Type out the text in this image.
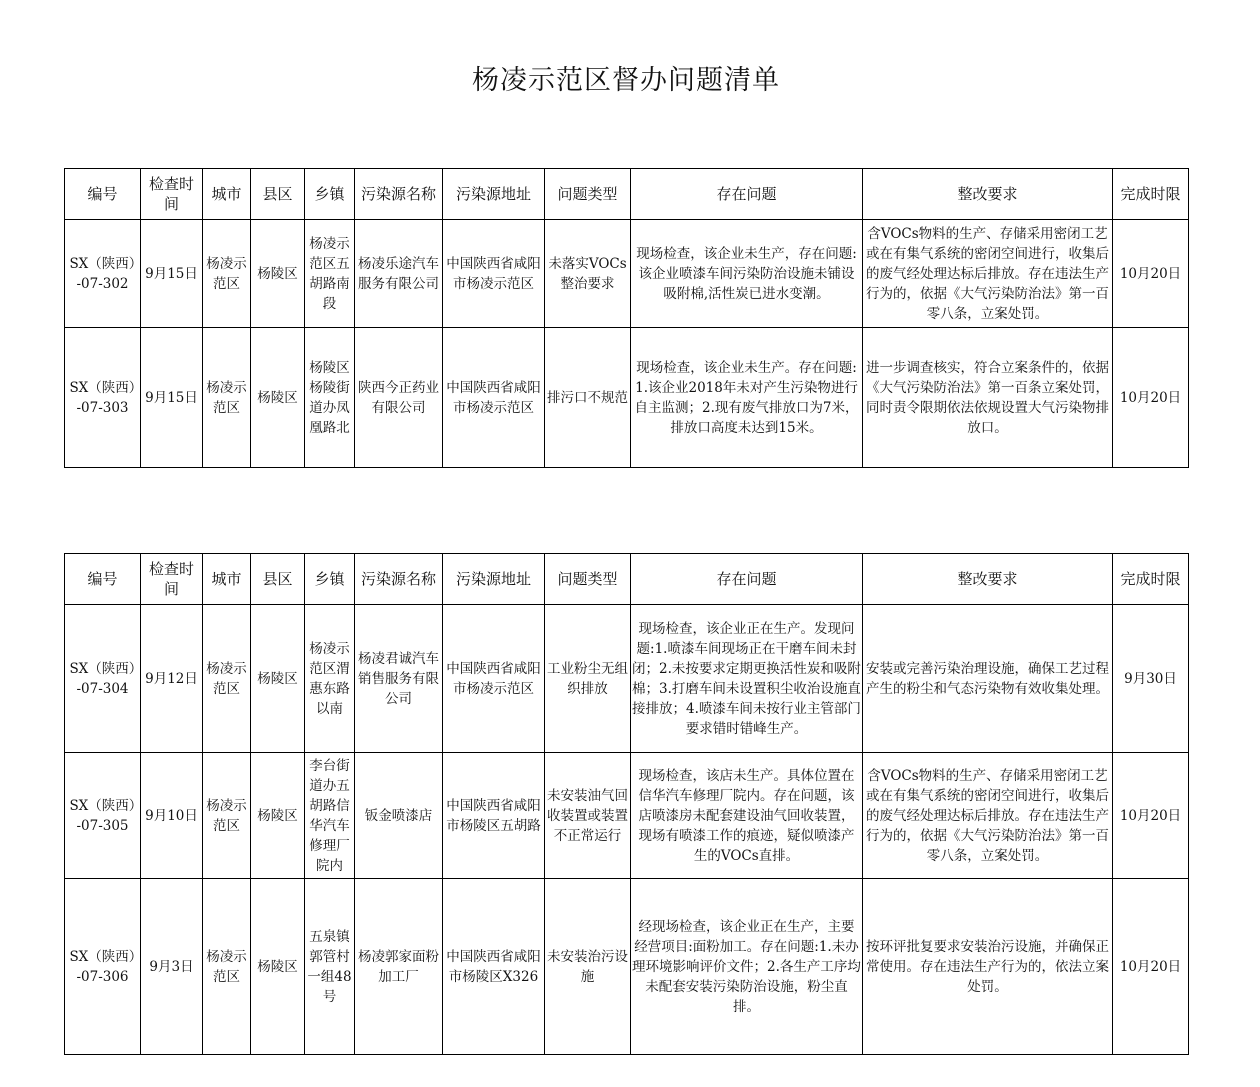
杨凌示范区督办问题清单
编号	检查时间	城市	县区	乡镇	污染源名称	污染源地址	问题类型	存在问题	整改要求	完成时限
SX（陕西）-07-302	9月15日	杨凌示范区	杨陵区	杨凌示范区五胡路南段	杨凌乐途汽车服务有限公司	中国陕西省咸阳市杨凌示范区	未落实VOCs整治要求	现场检查，该企业未生产，存在问题:该企业喷漆车间污染防治设施未铺设吸附棉,活性炭已进水变潮。	含VOCs物料的生产、存储采用密闭工艺或在有集气系统的密闭空间进行，收集后的废气经处理达标后排放。存在违法生产行为的，依据《大气污染防治法》第一百零八条，立案处罚。	10月20日
SX（陕西）-07-303	9月15日	杨凌示范区	杨陵区	杨陵区杨陵街道办凤凰路北	陕西今正药业有限公司	中国陕西省咸阳市杨凌示范区	排污口不规范	现场检查，该企业未生产。存在问题:1.该企业2018年未对产生污染物进行自主监测；2.现有废气排放口为7米，排放口高度未达到15米。	进一步调查核实，符合立案条件的，依据《大气污染防治法》第一百条立案处罚，同时责令限期依法依规设置大气污染物排放口。	10月20日
编号	检查时间	城市	县区	乡镇	污染源名称	污染源地址	问题类型	存在问题	整改要求	完成时限
SX（陕西）-07-304	9月12日	杨凌示范区	杨陵区	杨凌示范区渭惠东路以南	杨凌君诚汽车销售服务有限公司	中国陕西省咸阳市杨凌示范区	工业粉尘无组织排放	现场检查，该企业正在生产。发现问题:1.喷漆车间现场正在干磨车间未封闭；2.未按要求定期更换活性炭和吸附棉；3.打磨车间未设置积尘收治设施直接排放；4.喷漆车间未按行业主管部门要求错时错峰生产。	安装或完善污染治理设施，确保工艺过程产生的粉尘和气态污染物有效收集处理。	9月30日
SX（陕西）-07-305	9月10日	杨凌示范区	杨陵区	李台街道办五胡路信华汽车修理厂院内	钣金喷漆店	中国陕西省咸阳市杨陵区五胡路	未安装油气回收装置或装置不正常运行	现场检查，该店未生产。具体位置在信华汽车修理厂院内。存在问题，该店喷漆房未配套建设油气回收装置，现场有喷漆工作的痕迹，疑似喷漆产生的VOCs直排。	含VOCs物料的生产、存储采用密闭工艺或在有集气系统的密闭空间进行，收集后的废气经处理达标后排放。存在违法生产行为的，依据《大气污染防治法》第一百零八条，立案处罚。	10月20日
SX（陕西）-07-306	9月3日	杨凌示范区	杨陵区	五泉镇郭管村一组48号	杨凌郭家面粉加工厂	中国陕西省咸阳市杨陵区X326	未安装治污设施	经现场检查，该企业正在生产，主要经营项目:面粉加工。存在问题:1.未办理环境影响评价文件；2.各生产工序均未配套安装污染防治设施，粉尘直排。	按环评批复要求安装治污设施，并确保正常使用。存在违法生产行为的，依法立案处罚。	10月20日
